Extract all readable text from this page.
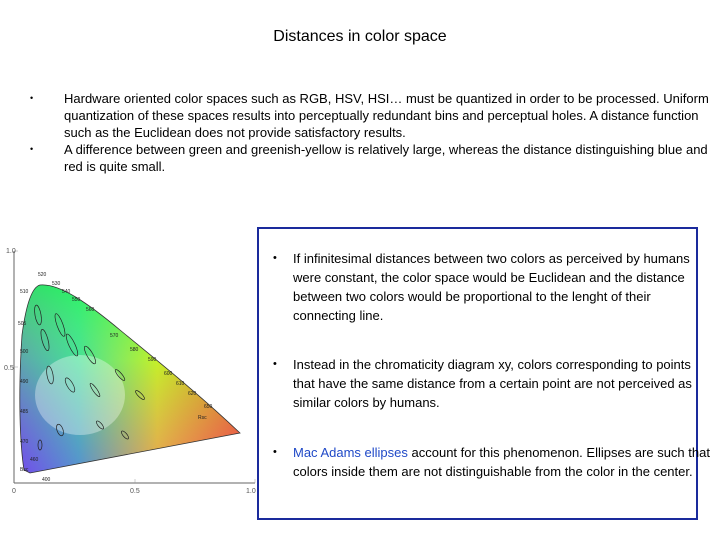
Distances in color space
• Hardware oriented color spaces such as RGB, HSV, HSI… must be quantized in order to be processed. Uniform quantization of these spaces results into perceptually redundant bins and perceptual holes. A distance function such as the Euclidean does not provide satisfactory results.
• A difference between green and greenish-yellow is relatively large, whereas the distance distinguishing blue and red is quite small.
1.0
0.5
0	0.5	1.0
520
530
540
510
550
560
505
570
500	580
590
600
610
490
620
650
Rsc
485
470
460
400
Bsc
• If infinitesimal distances between two colors as perceived by humans were constant, the color space would be Euclidean and the distance between two colors would be proportional to the lenght of their connecting line.
• Instead in the chromaticity diagram xy, colors corresponding to points that have the same distance from a certain point are not perceived as similar colors by humans.
• Mac Adams ellipses account for this phenomenon. Ellipses are such that colors inside them are not distinguishable from the color in the center.
